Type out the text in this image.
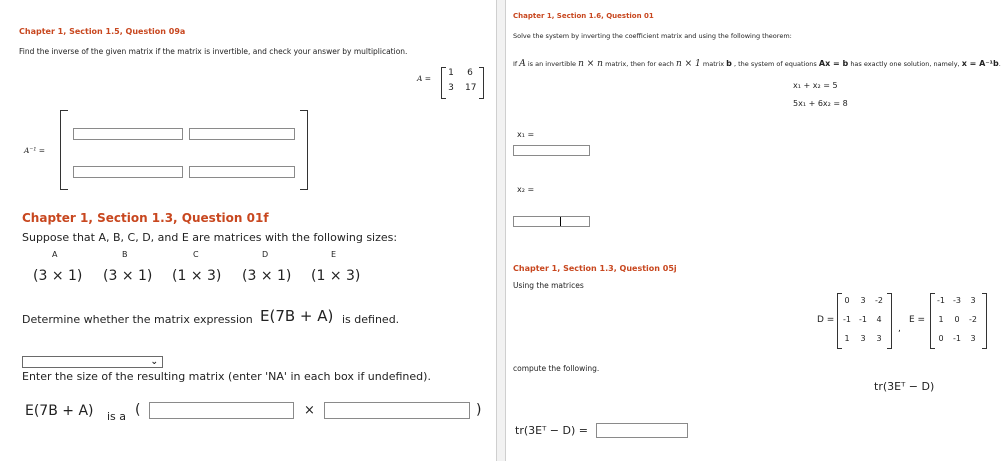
Chapter 1, Section 1.5, Question 09a
Find the inverse of the given matrix if the matrix is invertible, and check your answer by multiplication.
A =
1 6
3 17
A⁻¹ =
Chapter 1, Section 1.3, Question 01f
Suppose that A, B, C, D, and E are matrices with the following sizes:
A	B	C	D	E
(3 × 1) (3 × 1) (1 × 3) (3 × 1) (1 × 3)
Determine whether the matrix expression E(7B + A) is defined.
⌄
Enter the size of the resulting matrix (enter 'NA' in each box if undefined).
E(7B + A) is a (	×	)
Chapter 1, Section 1.6, Question 01
Solve the system by inverting the coefficient matrix and using the following theorem:
If A is an invertible n × n matrix, then for each n × 1 matrix b , the system of equations Ax = b has exactly one solution, namely, x = A⁻¹b.
x₁ + x₂ = 5
5x₁ + 6x₂ = 8
x₁ =
x₂ =
Chapter 1, Section 1.3, Question 05j
Using the matrices
D =
0	3	-2
-1	-1	4
1	3	3
,
E =
-1	-3	3
1	0	-2
0	-1	3
compute the following.
tr(3Eᵀ − D)
tr(3Eᵀ − D) =
